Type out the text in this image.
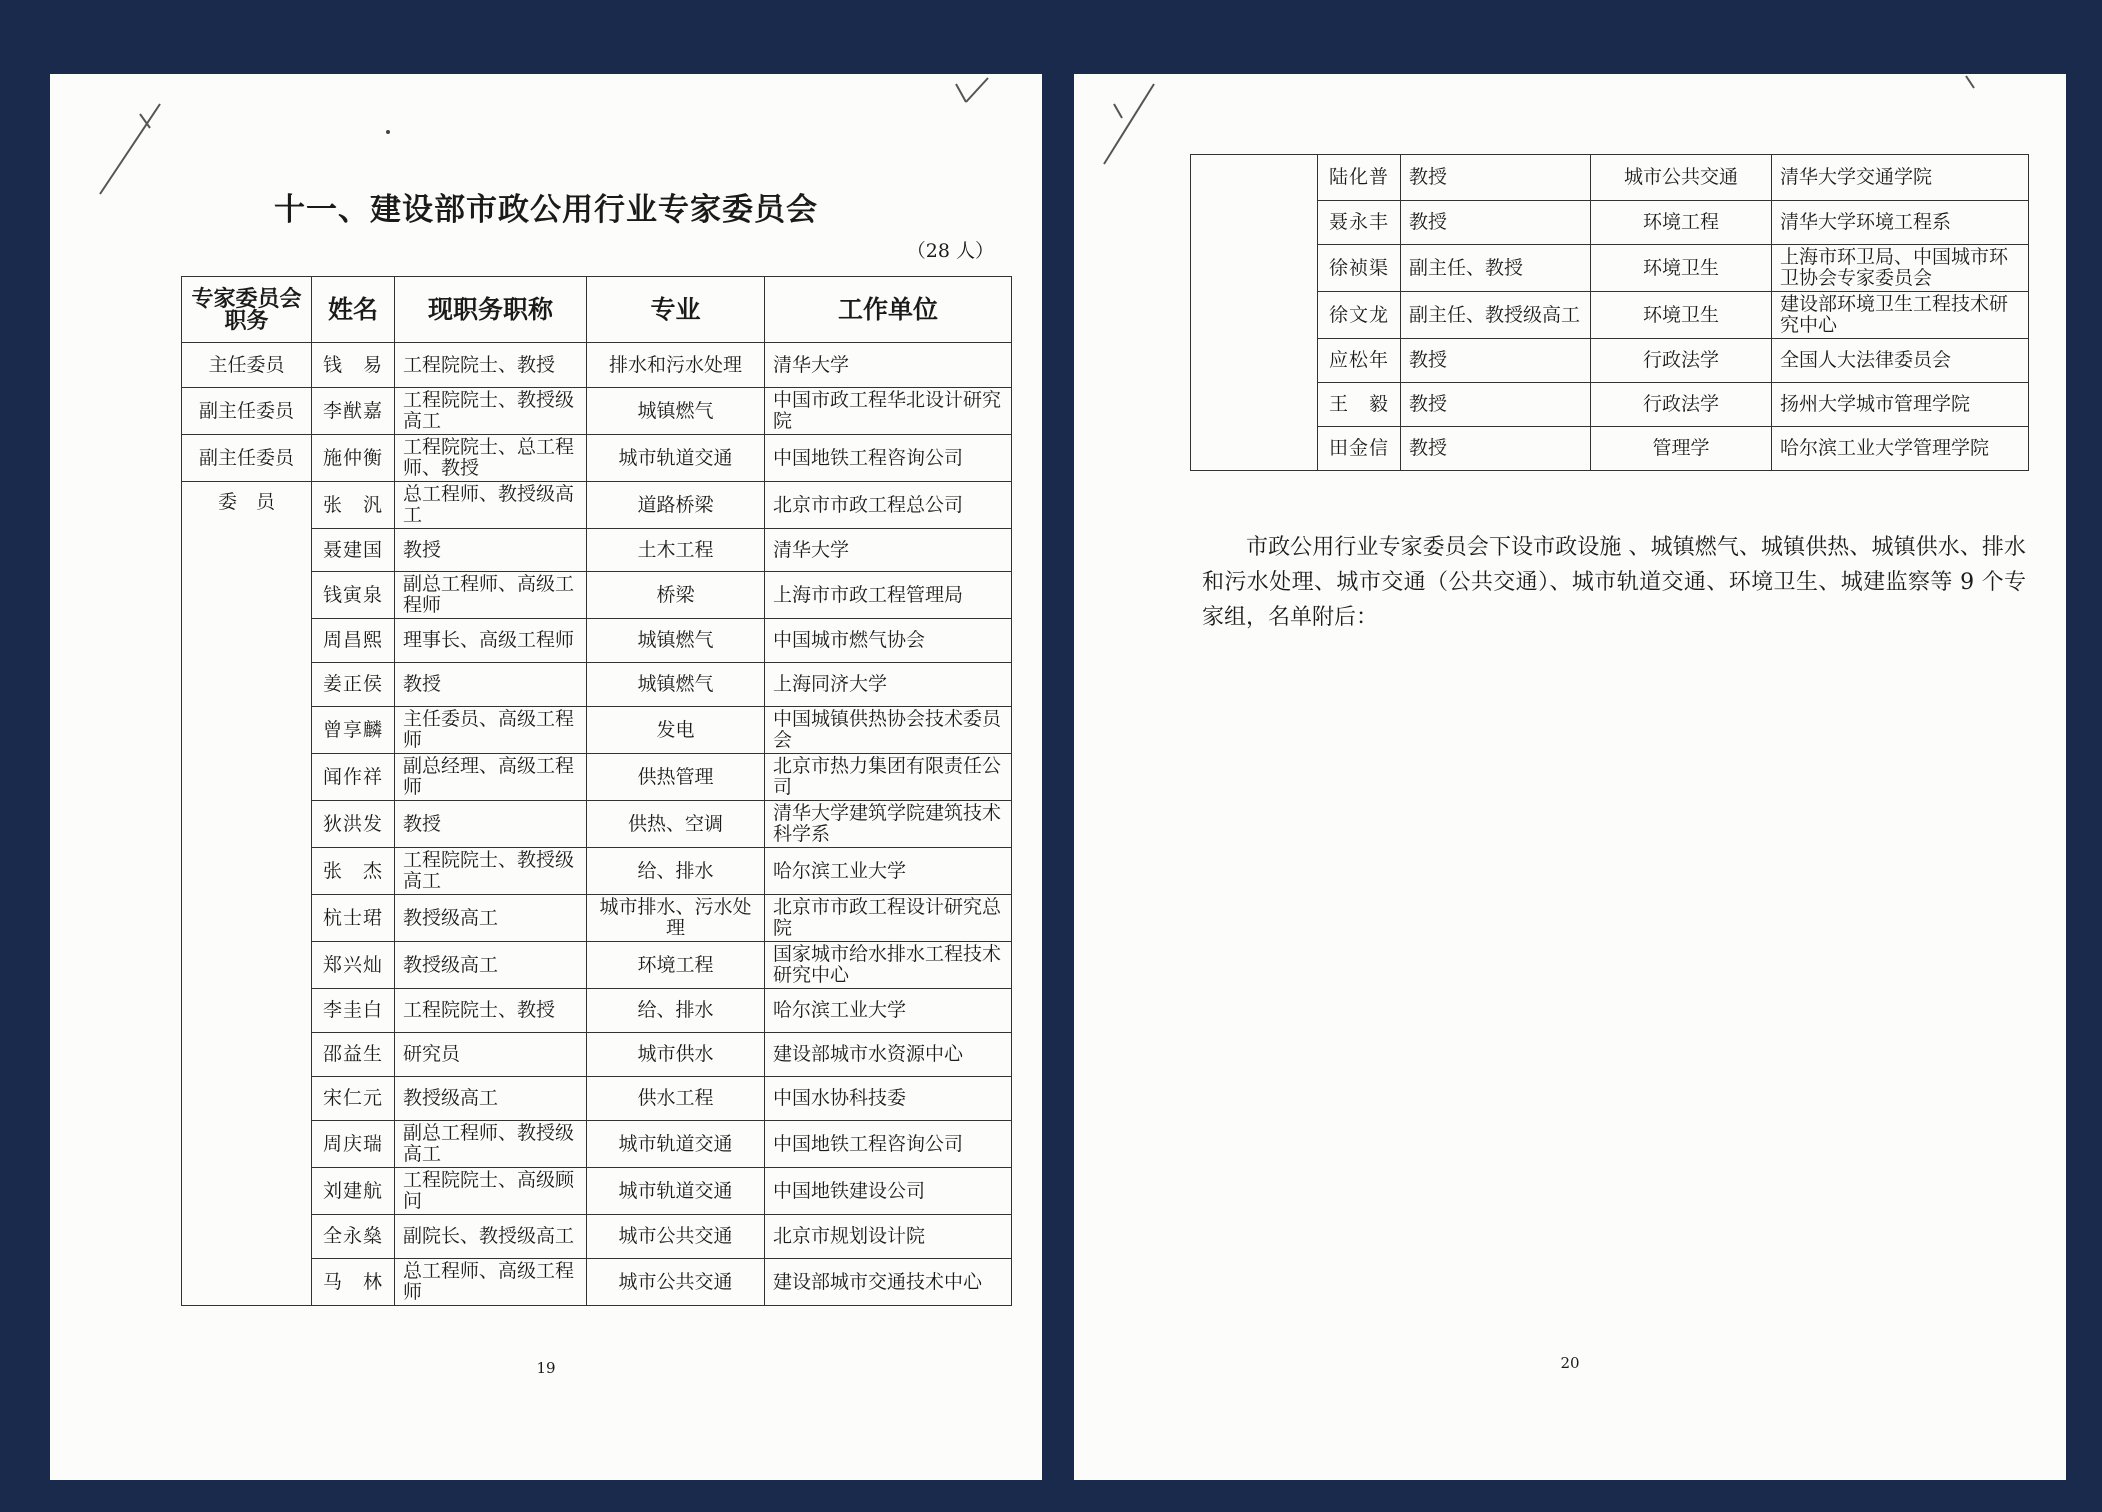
十一、建设部市政公用行业专家委员会
（28 人）
专家委员会职务	姓名	现职务职称	专业	工作单位
主任委员	钱　易	工程院院士、教授	排水和污水处理	清华大学
副主任委员	李猷嘉	工程院院士、教授级高工	城镇燃气	中国市政工程华北设计研究院
副主任委员	施仲衡	工程院院士、总工程师、教授	城市轨道交通	中国地铁工程咨询公司
委　员	张　汎	总工程师、教授级高工	道路桥梁	北京市市政工程总公司
	聂建国	教授	土木工程	清华大学
	钱寅泉	副总工程师、高级工程师	桥梁	上海市市政工程管理局
	周昌熙	理事长、高级工程师	城镇燃气	中国城市燃气协会
	姜正侯	教授	城镇燃气	上海同济大学
	曾享麟	主任委员、高级工程师	发电	中国城镇供热协会技术委员会
	闻作祥	副总经理、高级工程师	供热管理	北京市热力集团有限责任公司
	狄洪发	教授	供热、空调	清华大学建筑学院建筑技术科学系
	张　杰	工程院院士、教授级高工	给、排水	哈尔滨工业大学
	杭士珺	教授级高工	城市排水、污水处理	北京市市政工程设计研究总院
	郑兴灿	教授级高工	环境工程	国家城市给水排水工程技术研究中心
	李圭白	工程院院士、教授	给、排水	哈尔滨工业大学
	邵益生	研究员	城市供水	建设部城市水资源中心
	宋仁元	教授级高工	供水工程	中国水协科技委
	周庆瑞	副总工程师、教授级高工	城市轨道交通	中国地铁工程咨询公司
	刘建航	工程院院士、高级顾问	城市轨道交通	中国地铁建设公司
	全永燊	副院长、教授级高工	城市公共交通	北京市规划设计院
	马　林	总工程师、高级工程师	城市公共交通	建设部城市交通技术中心
19
	陆化普	教授	城市公共交通	清华大学交通学院
	聂永丰	教授	环境工程	清华大学环境工程系
	徐祯渠	副主任、教授	环境卫生	上海市环卫局、中国城市环卫协会专家委员会
	徐文龙	副主任、教授级高工	环境卫生	建设部环境卫生工程技术研究中心
	应松年	教授	行政法学	全国人大法律委员会
	王　毅	教授	行政法学	扬州大学城市管理学院
	田金信	教授	管理学	哈尔滨工业大学管理学院
市政公用行业专家委员会下设市政设施 、城镇燃气、城镇供热、城镇供水、排水和污水处理、城市交通（公共交通）、城市轨道交通、环境卫生、城建监察等 9 个专家组，名单附后：
20
